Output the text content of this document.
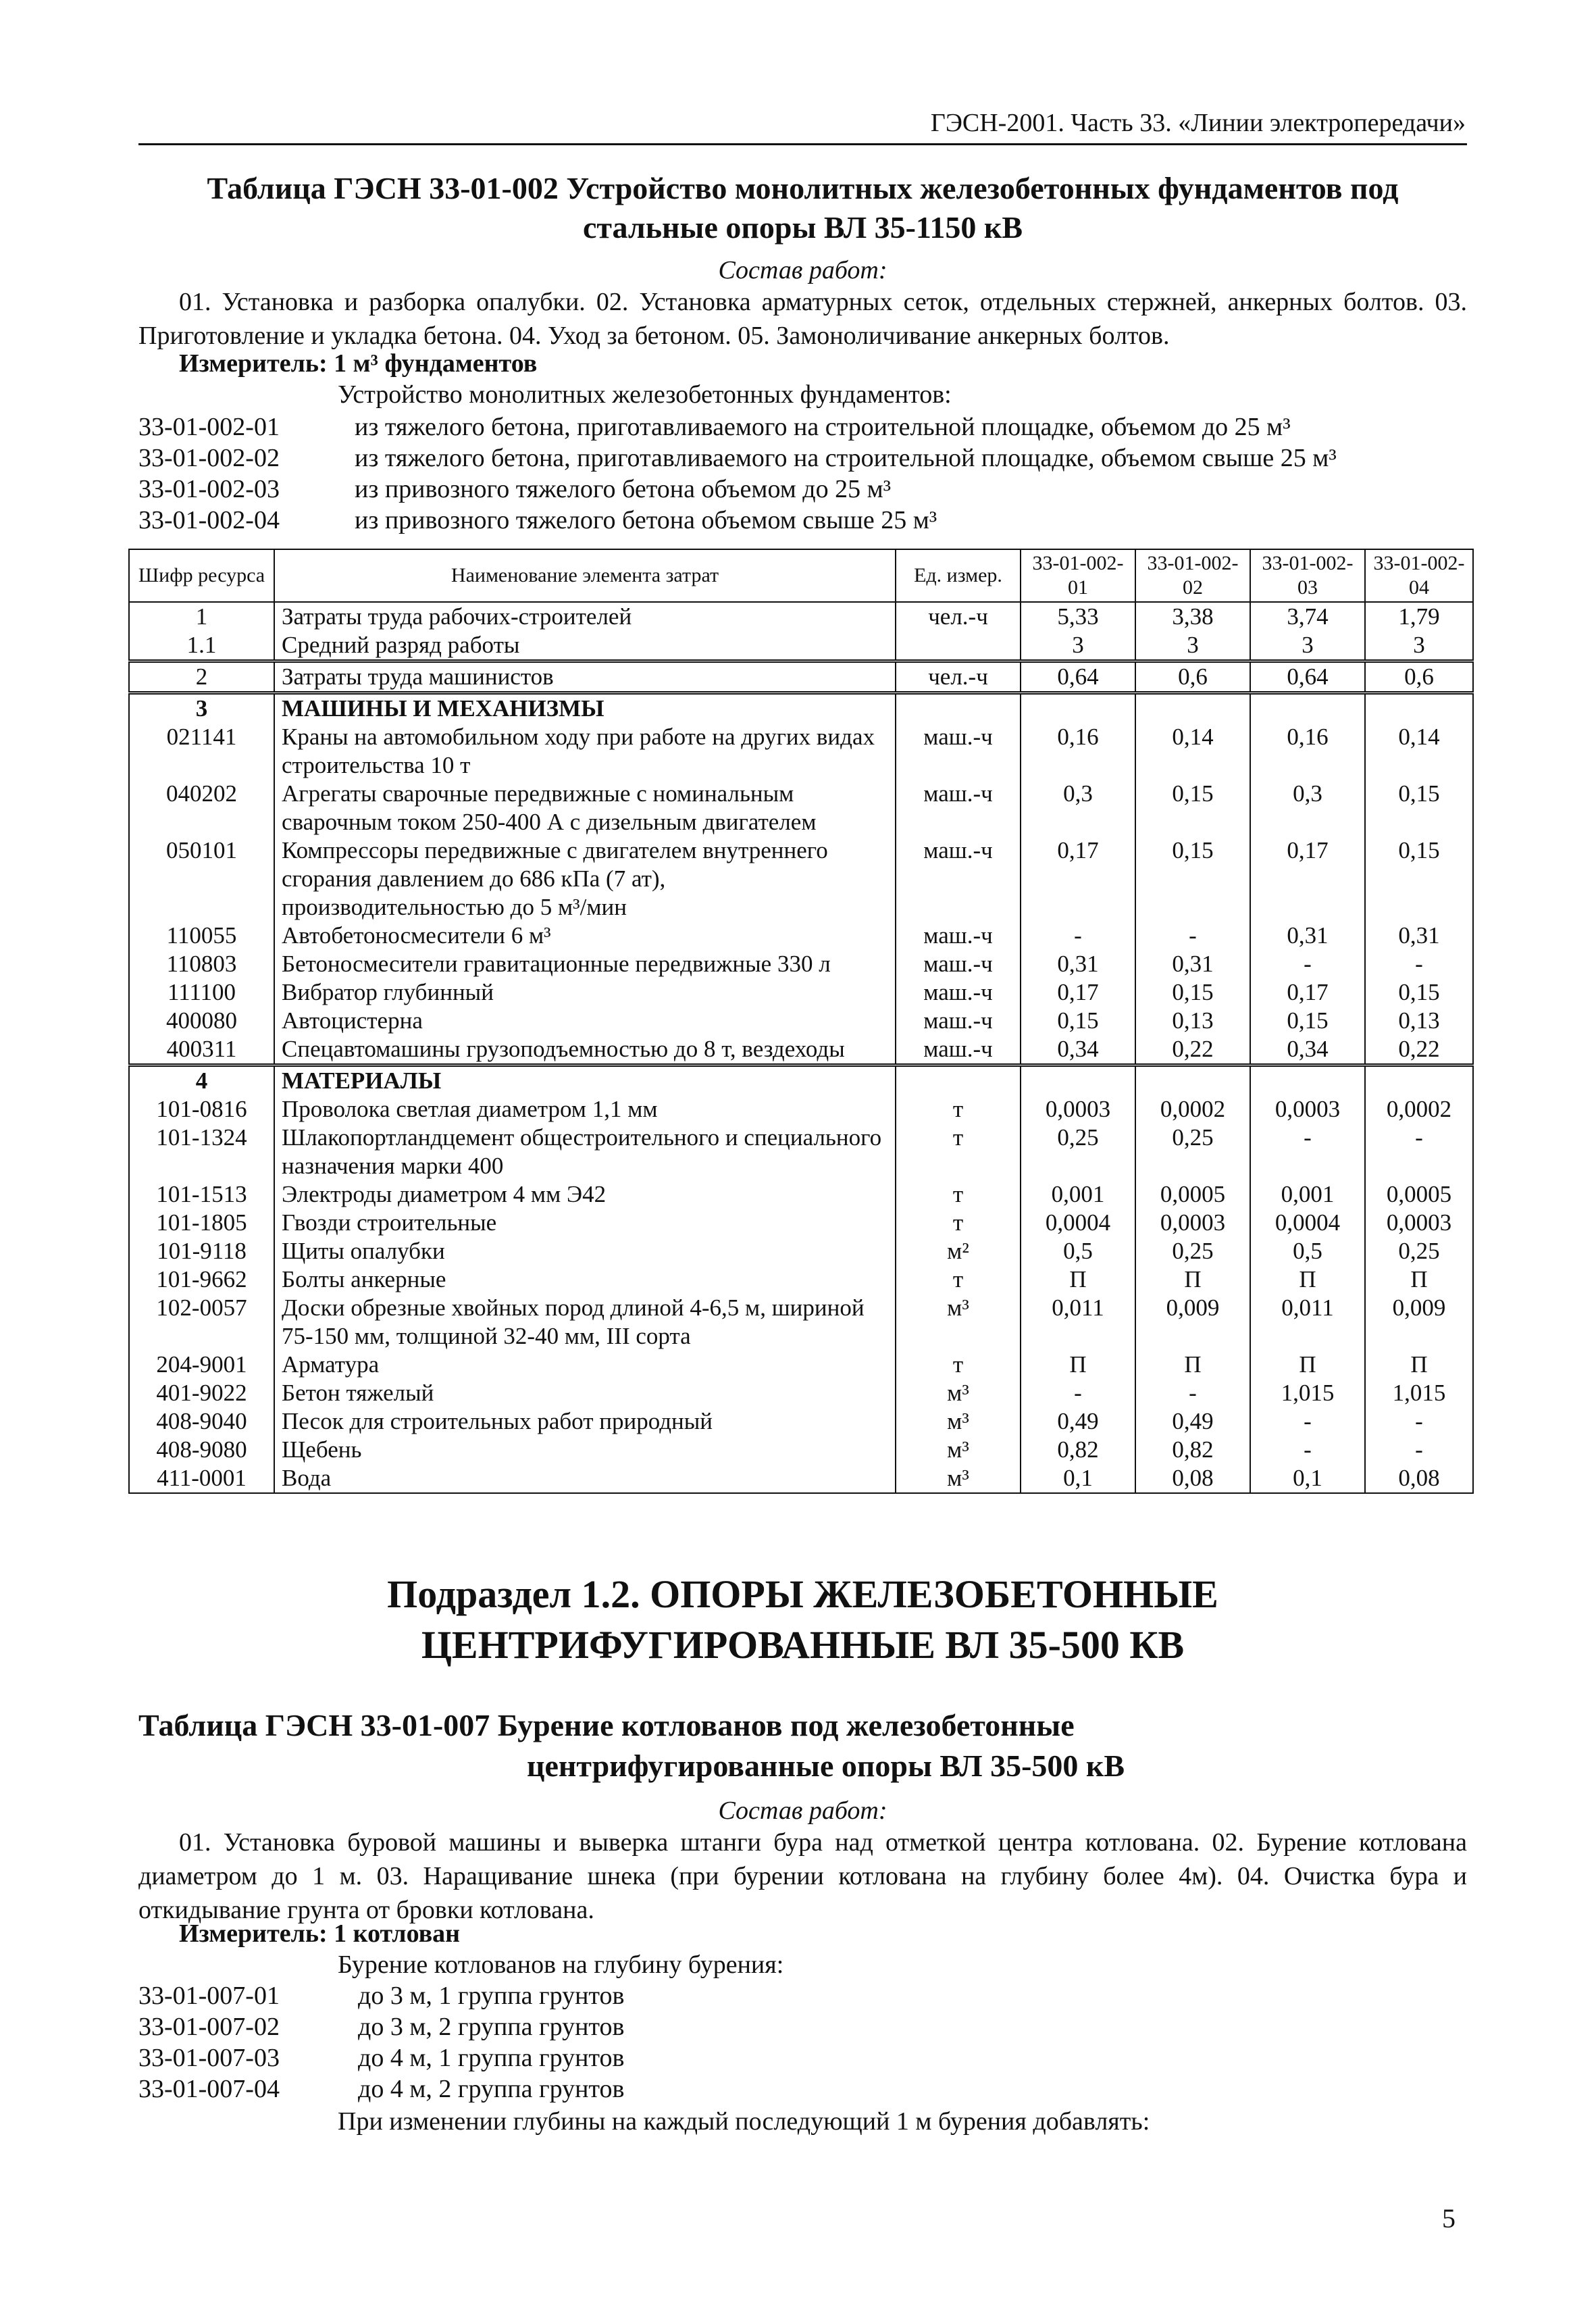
ГЭСН-2001. Часть 33. «Линии электропередачи»
Таблица ГЭСН 33-01-002 Устройство монолитных железобетонных фундаментов под
стальные опоры ВЛ 35-1150 кВ
Состав работ:
01. Установка и разборка опалубки. 02. Установка арматурных сеток, отдельных стержней, анкерных болтов. 03. Приготовление и укладка бетона. 04. Уход за бетоном. 05. Замоноличивание анкерных болтов.
Измеритель: 1 м³ фундаментов
Устройство монолитных железобетонных фундаментов:
33-01-002-01	из тяжелого бетона, приготавливаемого на строительной площадке, объемом до 25 м³
33-01-002-02	из тяжелого бетона, приготавливаемого на строительной площадке, объемом свыше 25 м³
33-01-002-03	из привозного тяжелого бетона объемом до 25 м³
33-01-002-04	из привозного тяжелого бетона объемом свыше 25 м³
Шифр ресурса	Наименование элемента затрат	Ед. измер.	33-01-002-01	33-01-002-02	33-01-002-03	33-01-002-04
1	Затраты труда рабочих-строителей	чел.-ч	5,33	3,38	3,74	1,79
1.1	Средний разряд работы		3	3	3	3
2	Затраты труда машинистов	чел.-ч	0,64	0,6	0,64	0,6
3	МАШИНЫ И МЕХАНИЗМЫ					
021141	Краны на автомобильном ходу при работе на других видах строительства 10 т	маш.-ч	0,16	0,14	0,16	0,14
040202	Агрегаты сварочные передвижные с номинальным сварочным током 250-400 А с дизельным двигателем	маш.-ч	0,3	0,15	0,3	0,15
050101	Компрессоры передвижные с двигателем внутреннего сгорания давлением до 686 кПа (7 ат), производительностью до 5 м³/мин	маш.-ч	0,17	0,15	0,17	0,15
110055	Автобетоносмесители 6 м³	маш.-ч	-	-	0,31	0,31
110803	Бетоносмесители гравитационные передвижные 330 л	маш.-ч	0,31	0,31	-	-
111100	Вибратор глубинный	маш.-ч	0,17	0,15	0,17	0,15
400080	Автоцистерна	маш.-ч	0,15	0,13	0,15	0,13
400311	Спецавтомашины грузоподъемностью до 8 т, вездеходы	маш.-ч	0,34	0,22	0,34	0,22
4	МАТЕРИАЛЫ					
101-0816	Проволока светлая диаметром 1,1 мм	т	0,0003	0,0002	0,0003	0,0002
101-1324	Шлакопортландцемент общестроительного и специального назначения марки 400	т	0,25	0,25	-	-
101-1513	Электроды диаметром 4 мм Э42	т	0,001	0,0005	0,001	0,0005
101-1805	Гвозди строительные	т	0,0004	0,0003	0,0004	0,0003
101-9118	Щиты опалубки	м²	0,5	0,25	0,5	0,25
101-9662	Болты анкерные	т	П	П	П	П
102-0057	Доски обрезные хвойных пород длиной 4-6,5 м, шириной 75-150 мм, толщиной 32-40 мм, III сорта	м³	0,011	0,009	0,011	0,009
204-9001	Арматура	т	П	П	П	П
401-9022	Бетон тяжелый	м³	-	-	1,015	1,015
408-9040	Песок для строительных работ природный	м³	0,49	0,49	-	-
408-9080	Щебень	м³	0,82	0,82	-	-
411-0001	Вода	м³	0,1	0,08	0,1	0,08
Подраздел 1.2. ОПОРЫ ЖЕЛЕЗОБЕТОННЫЕ
ЦЕНТРИФУГИРОВАННЫЕ ВЛ 35-500 КВ
Таблица ГЭСН 33-01-007 Бурение котлованов под железобетонные
центрифугированные опоры ВЛ 35-500 кВ
Состав работ:
01. Установка буровой машины и выверка штанги бура над отметкой центра котлована. 02. Бурение котлована диаметром до 1 м. 03. Наращивание шнека (при бурении котлована на глубину более 4м). 04. Очистка бура и откидывание грунта от бровки котлована.
Измеритель: 1 котлован
Бурение котлованов на глубину бурения:
33-01-007-01	до 3 м, 1 группа грунтов
33-01-007-02	до 3 м, 2 группа грунтов
33-01-007-03	до 4 м, 1 группа грунтов
33-01-007-04	до 4 м, 2 группа грунтов
При изменении глубины на каждый последующий 1 м бурения добавлять:
5
